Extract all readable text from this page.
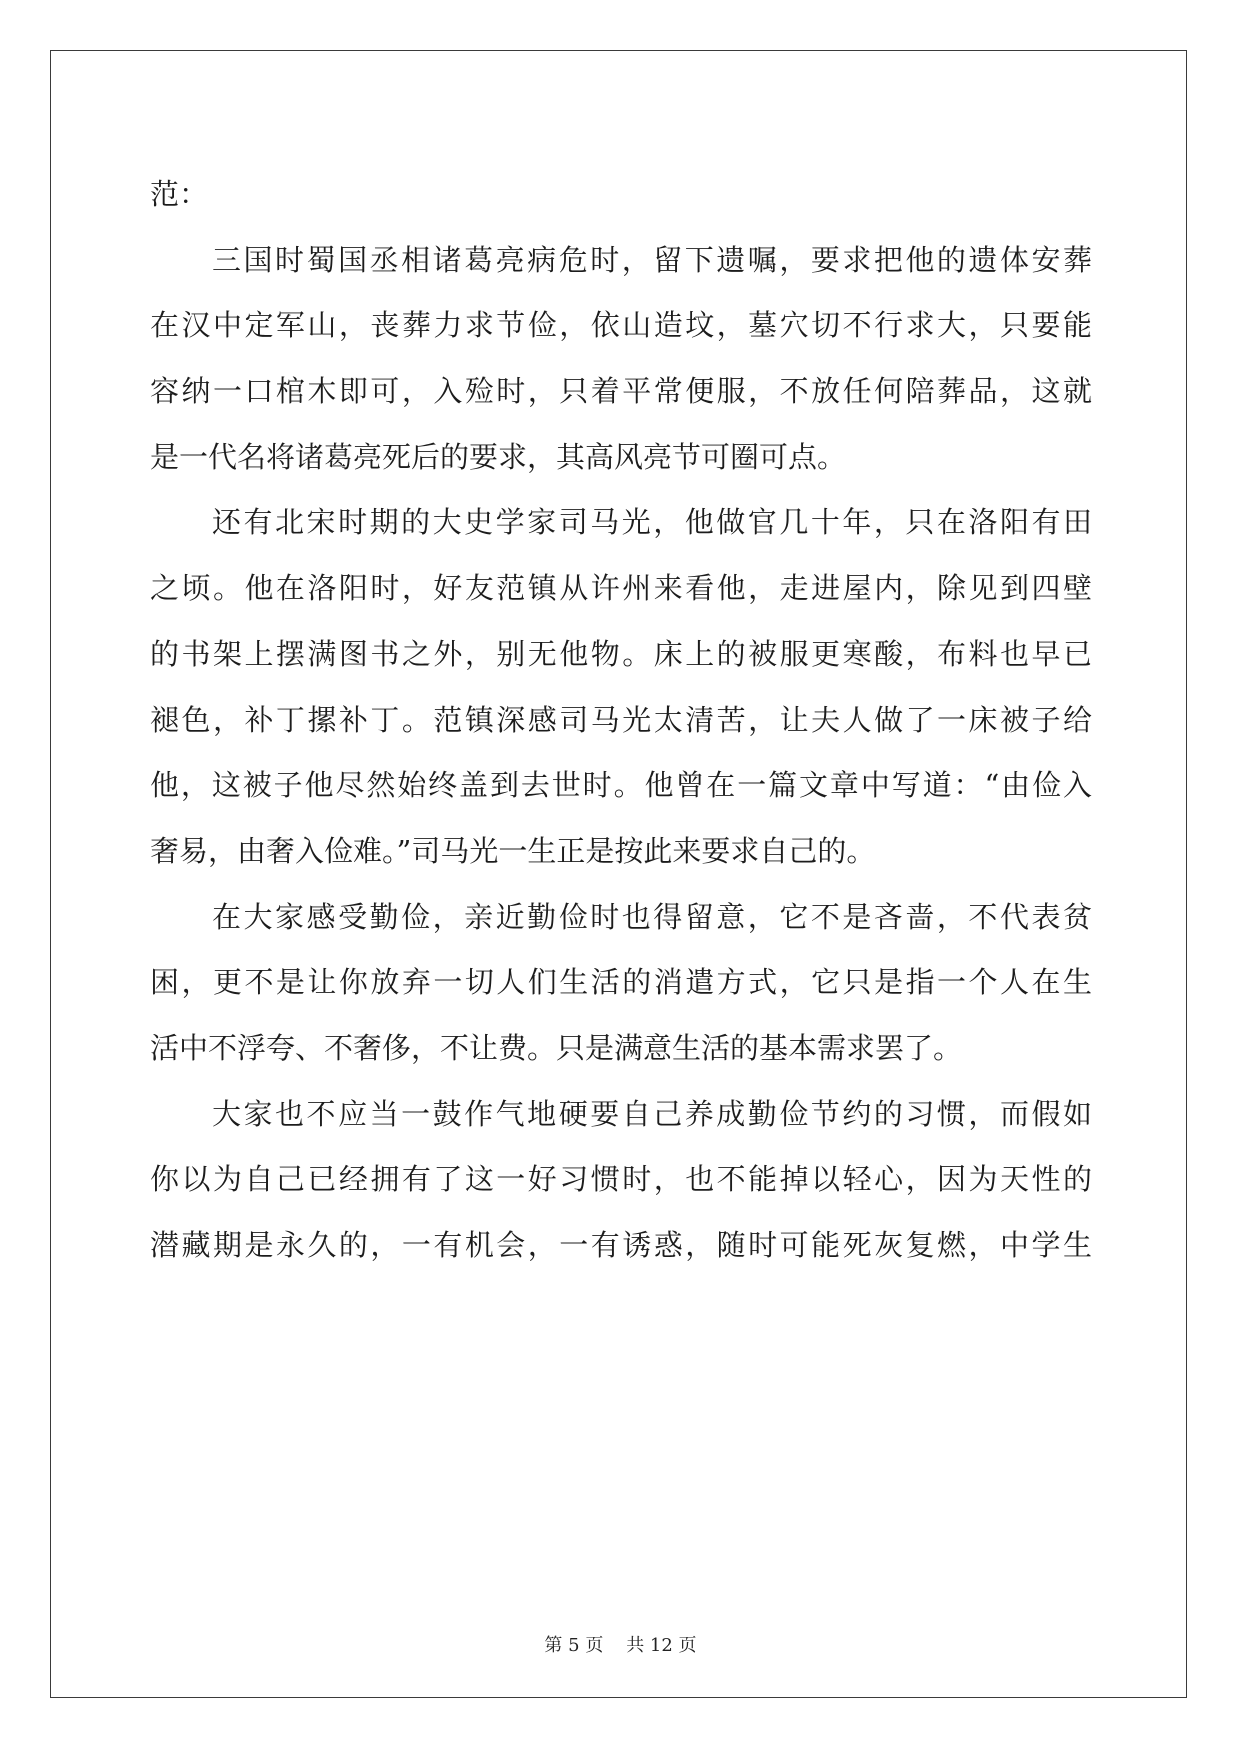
范：
三国时蜀国丞相诸葛亮病危时，留下遗嘱，要求把他的遗体安葬
在汉中定军山，丧葬力求节俭，依山造坟，墓穴切不行求大，只要能
容纳一口棺木即可，入殓时，只着平常便服，不放任何陪葬品，这就
是一代名将诸葛亮死后的要求，其高风亮节可圈可点。
还有北宋时期的大史学家司马光，他做官几十年，只在洛阳有田
之顷。他在洛阳时，好友范镇从许州来看他，走进屋内，除见到四壁
的书架上摆满图书之外，别无他物。床上的被服更寒酸，布料也早已
褪色，补丁摞补丁。范镇深感司马光太清苦，让夫人做了一床被子给
他，这被子他尽然始终盖到去世时。他曾在一篇文章中写道：“由俭入
奢易，由奢入俭难。”司马光一生正是按此来要求自己的。
在大家感受勤俭，亲近勤俭时也得留意，它不是吝啬，不代表贫
困，更不是让你放弃一切人们生活的消遣方式，它只是指一个人在生
活中不浮夸、不奢侈，不让费。只是满意生活的基本需求罢了。
大家也不应当一鼓作气地硬要自己养成勤俭节约的习惯，而假如
你以为自己已经拥有了这一好习惯时，也不能掉以轻心，因为天性的
潜藏期是永久的，一有机会，一有诱惑，随时可能死灰复燃，中学生
第 5 页    共 12 页
